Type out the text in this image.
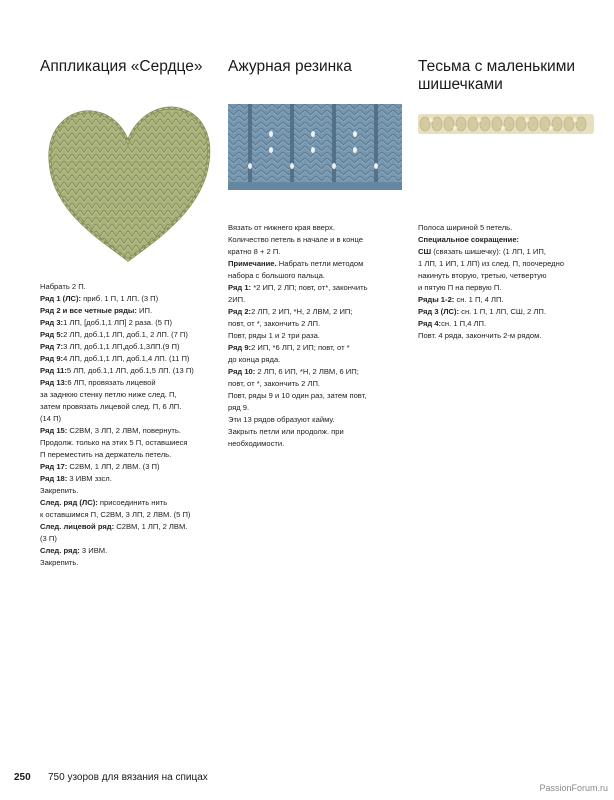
Аппликация «Сердце»
Набрать 2 П.
Ряд 1 (ЛС): приб. 1 П, 1 ЛП. (3 П)
Ряд 2 и все четные ряды: ИП.
Ряд 3:1 ЛП, [доб.1,1 ЛП] 2 раза. (5 П)
Ряд 5:2 ЛП, доб.1,1 ЛП, доб.1, 2 ЛП. (7 П)
Ряд 7:3 ЛП, доб.1,1 ЛП,доб.1,3ЛП.(9 П)
Ряд 9:4 ЛП, доб.1,1 ЛП, доб.1,4 ЛП. (11 П)
Ряд 11:5 ЛП, доб.1,1 ЛП, доб.1,5 ЛП. (13 П)
Ряд 13:6 ЛП, провязать лицевой
за заднюю стенку петлю ниже след. П,
затем провязать лицевой след. П, 6 ЛП.
(14 П)
Ряд 15: С2ВМ, 3 ЛП, 2 ЛВМ, повернуть.
Продолж. только на этих 5 П, оставшиеся
П переместить на держатель петель.
Ряд 17: С2ВМ, 1 ЛП, 2 ЛВМ. (3 П)
Ряд 18: 3 ИВМ ззсл.
Закрепить.
След. ряд (ЛС): присоединить нить
к оставшимся П, С2ВМ, 3 ЛП, 2 ЛВМ. (5 П)
След. лицевой ряд: С2ВМ, 1 ЛП, 2 ЛВМ.
(3 П)
След. ряд: 3 ИВМ.
Закрепить.
Ажурная резинка
Вязать от нижнего края вверх.
Количество петель в начале и в конце
кратно 8 + 2 П.
Примечание. Набрать петли методом
набора с большого пальца.
Ряд 1: *2 ИП, 2 ЛП; повт, от*, закончить
2ИП.
Ряд 2:2 ЛП, 2 ИП, *Н, 2 ЛВМ, 2 ИП;
повт, от *, закончить 2 ЛП.
Повт, ряды 1 и 2 три раза.
Ряд 9:2 ИП, *6 ЛП, 2 ИП; повт, от *
до конца ряда.
Ряд 10: 2 ЛП, 6 ИП, *Н, 2 ЛВМ, 6 ИП;
повт, от *, закончить 2 ЛП.
Повт, ряды 9 и 10 один раз, затем повт,
ряд 9.
Эти 13 рядов образуют кайму.
Закрыть петли или продолж. при
необходимости.
Тесьма с маленькими
шишечками
Полоса шириной 5 петель.
Специальное сокращение:
СШ (связать шишечку): (1 ЛП, 1 ИП,
1 ЛП, 1 ИП, 1 ЛП) из след. П, поочередно
накинуть вторую, третью, четвертую
и пятую П на первую П.
Ряды 1-2: сн. 1 П, 4 ЛП.
Ряд 3 (ЛС): сн. 1 П, 1 ЛП, СШ, 2 ЛП.
Ряд 4:сн. 1 П,4 ЛП.
Повт. 4 ряда, закончить 2-м рядом.
250 750 узоров для вязания на спицах
PassionForum.ru
